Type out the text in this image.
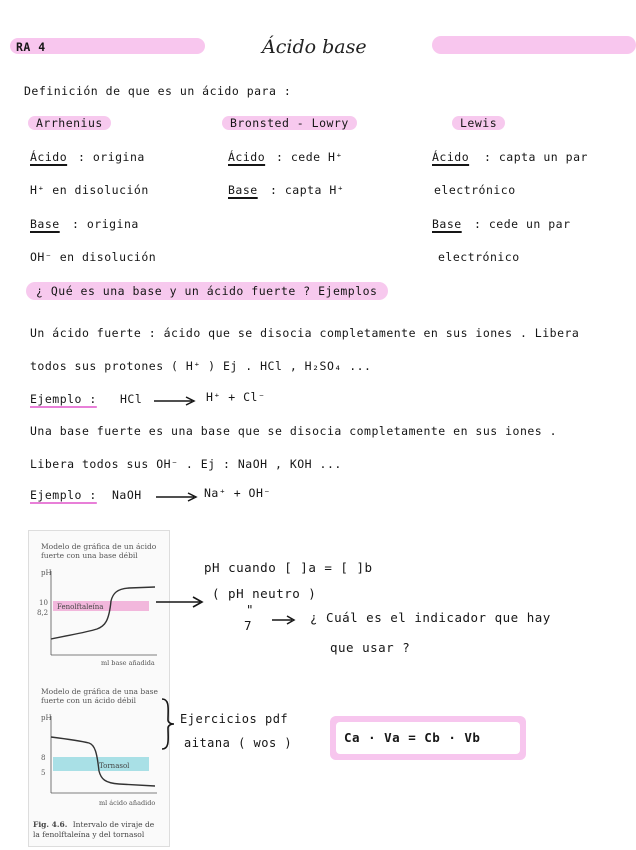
RA 4	Ácido base
Definición de que es un ácido para :
Arrhenius
Ácido : origina
H⁺ en disolución
Base : origina
OH⁻ en disolución
Bronsted - Lowry
Ácido : cede H⁺
Base : capta H⁺
Lewis
Ácido : capta un par
electrónico
Base : cede un par
electrónico
¿ Qué es una base y un ácido fuerte ? Ejemplos
Un ácido fuerte : ácido que se disocia completamente en sus iones . Libera
todos sus protones ( H⁺ ) Ej . HCl , H₂SO₄ ...
Ejemplo : HCl	H⁺ + Cl⁻
Una base fuerte es una base que se disocia completamente en sus iones .
Libera todos sus OH⁻ . Ej : NaOH , KOH ...
Ejemplo : NaOH	Na⁺ + OH⁻
Modelo de gráfica de un ácido
fuerte con una base débil
pH
Fenolftaleína
10
8,2
ml base añadida
Modelo de gráfica de una base
fuerte con un ácido débil
pH
Tornasol
8
5
ml ácido añadido
Fig. 4.6. Intervalo de viraje de
la fenolftaleína y del tornasol
pH cuando [ ]a = [ ]b
( pH neutro )
"
7
¿ Cuál es el indicador que hay
que usar ?
Ejercicios pdf
aitana ( wos )	Ca · Va = Cb · Vb
